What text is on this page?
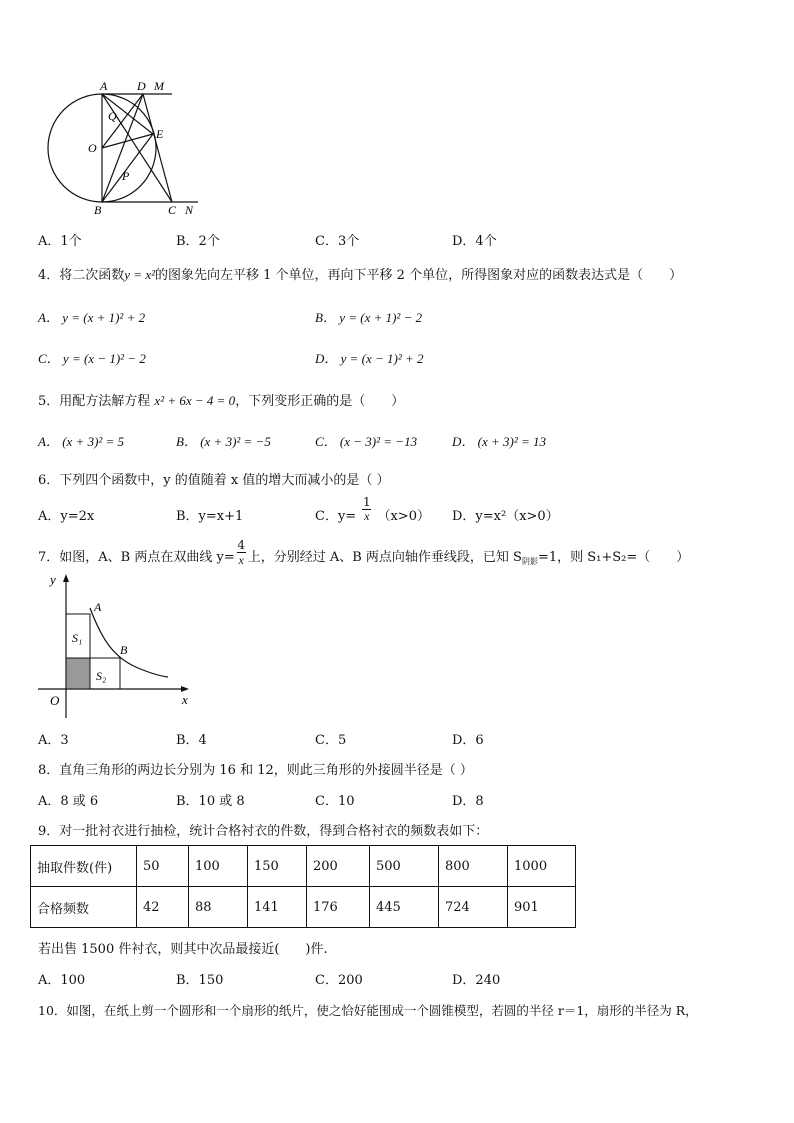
A D M
Q
E
O
P
B	C N
A．1个	B．2个	C．3个	D．4个
4．将二次函数y = x²的图象先向左平移 1 个单位，再向下平移 2 个单位，所得图象对应的函数表达式是（　　）
A． y = (x + 1)² + 2	B． y = (x + 1)² − 2
C． y = (x − 1)² − 2	D． y = (x − 1)² + 2
5．用配方法解方程 x² + 6x − 4 = 0，下列变形正确的是（　　）
A． (x + 3)² = 5	B． (x + 3)² = −5	C． (x − 3)² = −13	D． (x + 3)² = 13
6．下列四个函数中，y 的值随着 x 值的增大而减小的是（ ）
A．y=2x	B．y=x+1	C．$y= \frac{1}{x} (x>0)$ D．y=x²（x>0）
7．如图，A、B 两点在双曲线 $y= \frac{4}{x}$ 上，分别经过 A、B 两点向轴作垂线段，已知 $S_{阴影}=1$，则 S₁+S₂=（　　）
y
A
S₁
B
S₂
O	x
A．3	B．4	C．5	D．6
8．直角三角形的两边长分别为 16 和 12，则此三角形的外接圆半径是（ ）
A．8 或 6	B．10 或 8	C．10	D．8
9．对一批衬衣进行抽检，统计合格衬衣的件数，得到合格衬衣的频数表如下：
抽取件数(件)	50	100	150	200	500	800	1000
合格频数	42	88	141	176	445	724	901
若出售 1500 件衬衣，则其中次品最接近(　　)件.
A．100	B．150	C．200	D．240
10．如图，在纸上剪一个圆形和一个扇形的纸片，使之恰好能围成一个圆锥模型，若圆的半径 r＝1，扇形的半径为 R，
